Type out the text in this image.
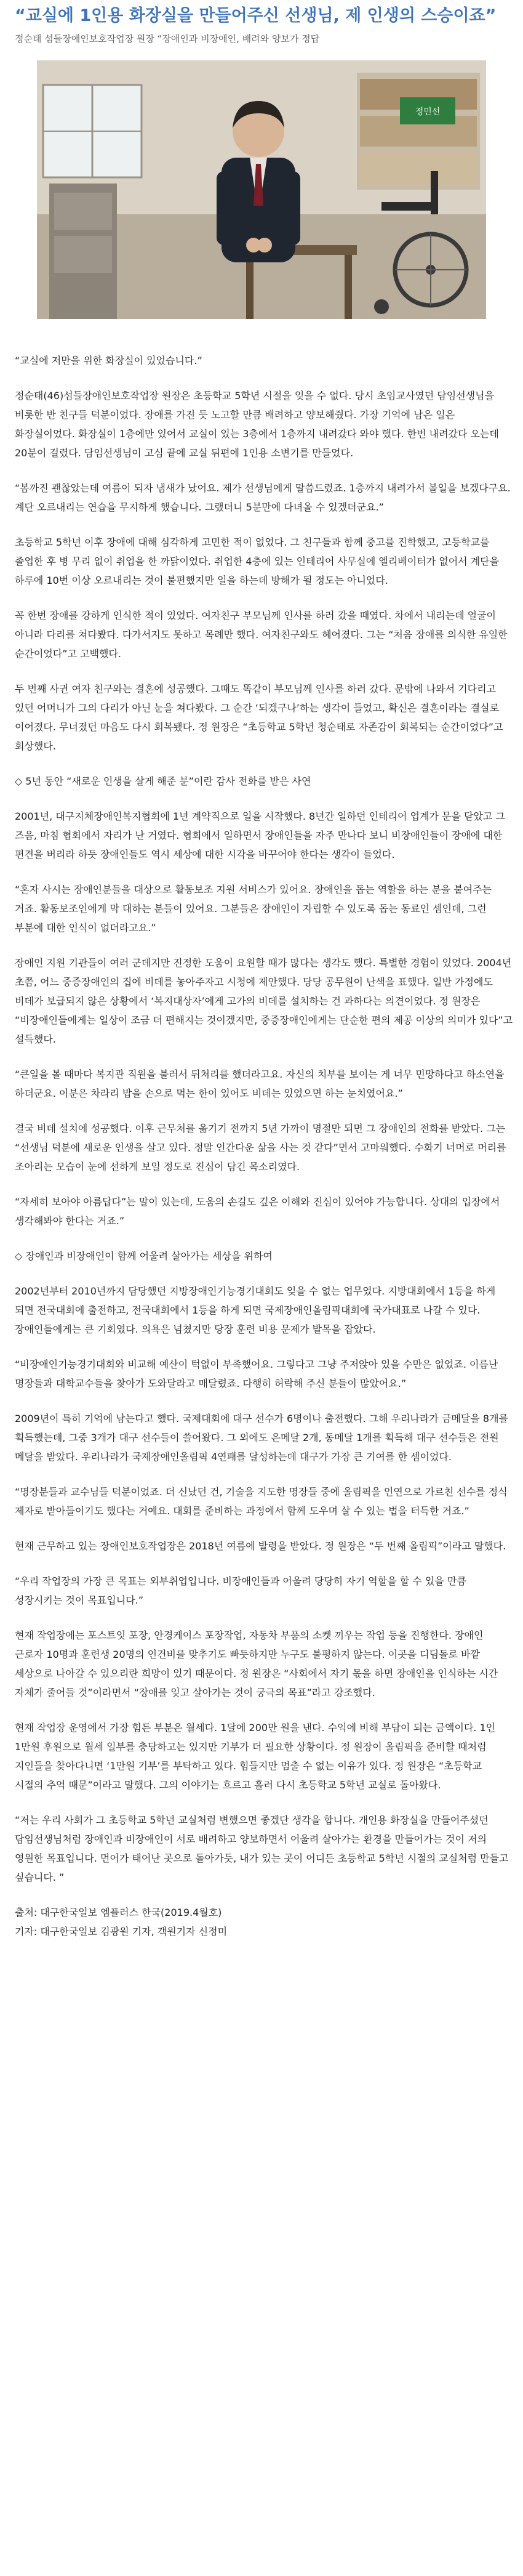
“교실에 1인용 화장실을 만들어주신 선생님, 제 인생의 스승이죠”

정순태 섬들장애인보호작업장 원장 “장애인과 비장애인, 배려와 양보가 정답

정민선

“교실에 저만을 위한 화장실이 있었습니다.”

정순태(46)섬들장애인보호작업장 원장은 초등학교 5학년 시절을 잊을 수 없다. 당시 초임교사였던 담임선생님을 비롯한 반 친구들 덕분이었다. 장애를 가진 듯 노고할 만큼 배려하고 양보해줬다. 가장 기억에 남은 일은 화장실이었다. 화장실이 1층에만 있어서 교실이 있는 3층에서 1층까지 내려갔다 와야 했다. 한번 내려갔다 오는데 20분이 걸렸다. 담임선생님이 고심 끝에 교실 뒤편에 1인용 소변기를 만들었다.

“봄까진 괜찮았는데 여름이 되자 냄새가 났어요. 제가 선생님에게 말씀드렸죠. 1층까지 내려가서 볼일을 보겠다구요. 계단 오르내리는 연습을 무지하게 했습니다. 그랬더니 5분만에 다녀올 수 있겠더군요.”

초등학교 5학년 이후 장애에 대해 심각하게 고민한 적이 없었다. 그 친구들과 함께 중고를 진학했고, 고등학교를 졸업한 후 병 무리 없이 취업을 한 까닭이었다. 취업한 4층에 있는 인테리어 사무실에 엘리베이터가 없어서 계단을 하루에 10번 이상 오르내리는 것이 불편했지만 일을 하는데 방해가 될 정도는 아니었다.

꼭 한번 장애를 강하게 인식한 적이 있었다. 여자친구 부모님께 인사를 하러 갔을 때였다. 차에서 내리는데 얼굴이 아니라 다리를 쳐다봤다. 다가서지도 못하고 목례만 했다. 여자친구와도 헤어졌다. 그는 “처음 장애를 의식한 유일한 순간이었다”고 고백했다.

두 번째 사귄 여자 친구와는 결혼에 성공했다. 그때도 똑같이 부모님께 인사를 하러 갔다. 문밖에 나와서 기다리고 있던 어머니가 그의 다리가 아닌 눈을 쳐다봤다. 그 순간 ‘되겠구나’하는 생각이 들었고, 확신은 결혼이라는 결실로 이어졌다. 무너졌던 마음도 다시 회복됐다. 정 원장은 “초등학교 5학년 청순태로 자존감이 회복되는 순간이었다”고 회상했다.

◇ 5년 동안 “새로운 인생을 살게 해준 분”이란 감사 전화를 받은 사연

2001년, 대구지체장애인복지협회에 1년 계약직으로 일을 시작했다. 8년간 일하던 인테리어 업계가 문을 닫았고 그 즈음, 마침 협회에서 자리가 난 거였다. 협회에서 일하면서 장애인들을 자주 만나다 보니 비장애인들이 장애에 대한 편견을 버리라 하듯 장애인들도 역시 세상에 대한 시각을 바꾸어야 한다는 생각이 들었다.

“혼자 사시는 장애인분들을 대상으로 활동보조 지원 서비스가 있어요. 장애인을 돕는 역할을 하는 분을 붙여주는 거죠. 활동보조인에게 막 대하는 분들이 있어요. 그분들은 장애인이 자립할 수 있도록 돕는 동료인 셈인데, 그런 부분에 대한 인식이 없더라고요.”

장애인 지원 기관들이 여러 군데지만 진정한 도움이 요원할 때가 많다는 생각도 했다. 특별한 경험이 있었다. 2004년 초쯤, 어느 중증장애인의 집에 비데를 놓아주자고 시청에 제안했다. 당당 공무원이 난색을 표했다. 일반 가정에도 비데가 보급되지 않은 상황에서 ‘복지대상자’에게 고가의 비데를 설치하는 건 과하다는 의견이었다. 정 원장은 “비장애인들에게는 일상이 조금 더 편해지는 것이겠지만, 중증장애인에게는 단순한 편의 제공 이상의 의미가 있다”고 설득했다.

“큰일을 볼 때마다 복지관 직원을 불러서 뒤처리를 했더라고요. 자신의 치부를 보이는 게 너무 민망하다고 하소연을 하더군요. 이분은 차라리 밥을 손으로 먹는 한이 있어도 비데는 있었으면 하는 눈치였어요.”

결국 비데 설치에 성공했다. 이후 근무처를 옮기기 전까지 5년 가까이 명절만 되면 그 장애인의 전화를 받았다. 그는 “선생님 덕분에 새로운 인생을 살고 있다. 정말 인간다운 삶을 사는 것 같다”면서 고마워했다. 수화기 너머로 머리를 조아리는 모습이 눈에 선하게 보일 정도로 진심이 담긴 목소리였다.

“자세히 보아야 아름답다”는 말이 있는데, 도움의 손길도 깊은 이해와 진심이 있어야 가능합니다. 상대의 입장에서 생각해봐야 한다는 거죠.”

◇ 장애인과 비장애인이 함께 어울려 살아가는 세상을 위하여

2002년부터 2010년까지 담당했던 지방장애인기능경기대회도 잊을 수 없는 업무였다. 지방대회에서 1등을 하게 되면 전국대회에 출전하고, 전국대회에서 1등을 하게 되면 국제장애인올림픽대회에 국가대표로 나갈 수 있다. 장애인들에게는 큰 기회였다. 의욕은 넘쳤지만 당장 훈련 비용 문제가 발목을 잡았다.

“비장애인기능경기대회와 비교해 예산이 턱없이 부족했어요. 그렇다고 그냥 주저앉아 있을 수만은 없었죠. 이름난 명장들과 대학교수들을 찾아가 도와달라고 매달렸죠. 다행히 허락해 주신 분들이 많았어요.”

2009년이 특히 기억에 남는다고 했다. 국제대회에 대구 선수가 6명이나 출전했다. 그해 우리나라가 금메달을 8개를 획득했는데, 그중 3개가 대구 선수들이 쓸어왔다. 그 외에도 은메달 2개, 동메달 1개를 획득해 대구 선수들은 전원 메달을 받았다. 우리나라가 국제장애인올림픽 4연패를 달성하는데 대구가 가장 큰 기여를 한 셈이었다.

“명장분들과 교수님들 덕분이었죠. 더 신났던 건, 기술을 지도한 명장들 중에 올림픽을 인연으로 가르친 선수를 정식 제자로 받아들이기도 했다는 거예요. 대회를 준비하는 과정에서 함께 도우며 살 수 있는 법을 터득한 거죠.”

현재 근무하고 있는 장애인보호작업장은 2018년 여름에 발령을 받았다. 정 원장은 “두 번째 올림픽”이라고 말했다.

“우리 작업장의 가장 큰 목표는 외부취업입니다. 비장애인들과 어울려 당당히 자기 역할을 할 수 있을 만큼 성장시키는 것이 목표입니다.”

현재 작업장에는 포스트잇 포장, 안경케이스 포장작업, 자동차 부품의 소켓 끼우는 작업 등을 진행한다. 장애인 근로자 10명과 훈련생 20명의 인건비를 맞추기도 빠듯하지만 누구도 불평하지 않는다. 이곳을 디딤돌로 바깥 세상으로 나아갈 수 있으리란 희망이 있기 때문이다. 정 원장은 “사회에서 자기 몫을 하면 장애인을 인식하는 시간 자체가 줄어들 것”이라면서 “장애를 잊고 살아가는 것이 궁극의 목표”라고 강조했다.

현재 작업장 운영에서 가장 힘든 부분은 월세다. 1달에 200만 원을 낸다. 수익에 비해 부담이 되는 금액이다. 1인 1만원 후원으로 월세 일부를 충당하고는 있지만 기부가 더 필요한 상황이다. 정 원장이 올림픽을 준비할 때처럼 지인들을 찾아다니면 ‘1만원 기부’를 부탁하고 있다. 힘들지만 멈출 수 없는 이유가 있다. 정 원장은 “초등학교 시절의 추억 때문”이라고 말했다. 그의 이야기는 흐르고 흘러 다시 초등학교 5학년 교실로 돌아왔다.

“저는 우리 사회가 그 초등학교 5학년 교실처럼 변했으면 좋겠단 생각을 합니다. 개인용 화장실을 만들어주셨던 담임선생님처럼 장애인과 비장애인이 서로 배려하고 양보하면서 어울려 살아가는 환경을 만들어가는 것이 저의 영원한 목표입니다. 먼어가 태어난 곳으로 돌아가듯, 내가 있는 곳이 어디든 초등학교 5학년 시절의 교실처럼 만들고 싶습니다. ”

출처: 대구한국일보 엠플러스 한국(2019.4월호)

기자: 대구한국일보 김광원 기자, 객원기자 신정미
